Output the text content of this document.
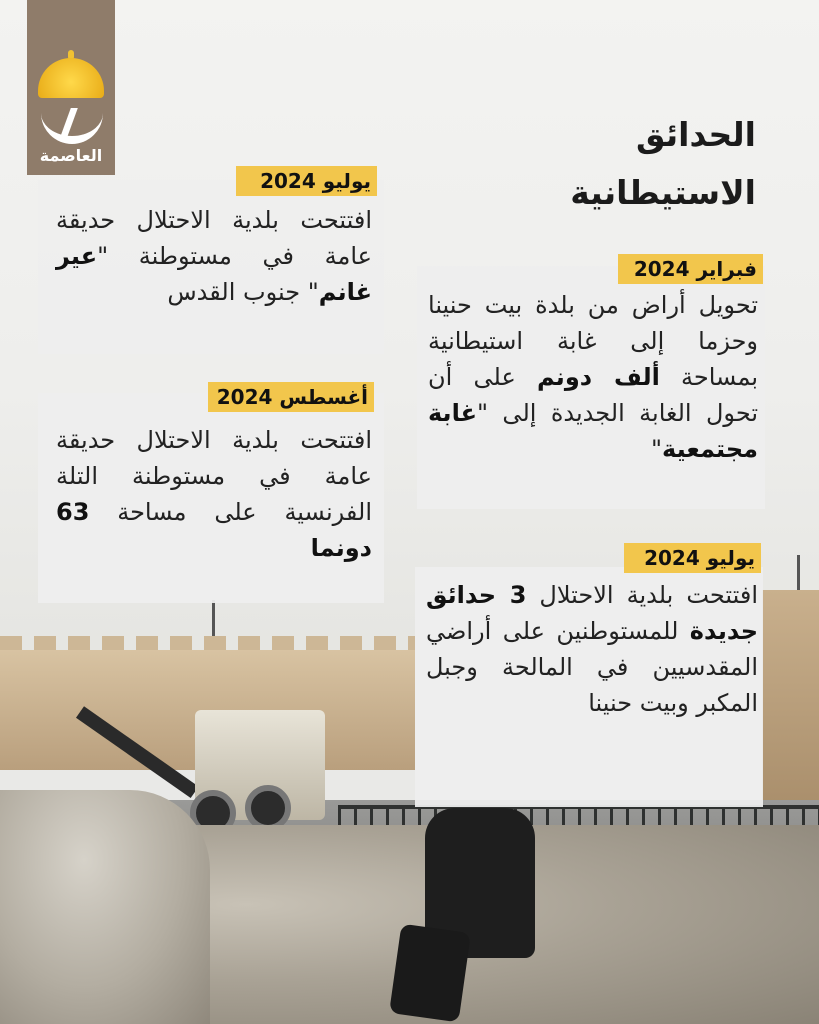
العاصمة
الحدائق
الاستيطانية
يوليو 2024
افتتحت بلدية الاحتلال حديقة عامة في مستوطنة "عير غانم" جنوب القدس
أغسطس 2024
افتتحت بلدية الاحتلال حديقة عامة في مستوطنة التلة الفرنسية على مساحة 63 دونما
فبراير 2024
تحويل أراض من بلدة بيت حنينا وحزما إلى غابة استيطانية بمساحة ألف دونم على أن تحول الغابة الجديدة إلى "غابة مجتمعية"
يوليو 2024
افتتحت بلدية الاحتلال 3 حدائق جديدة للمستوطنين على أراضي المقدسيين في المالحة وجبل المكبر وبيت حنينا
